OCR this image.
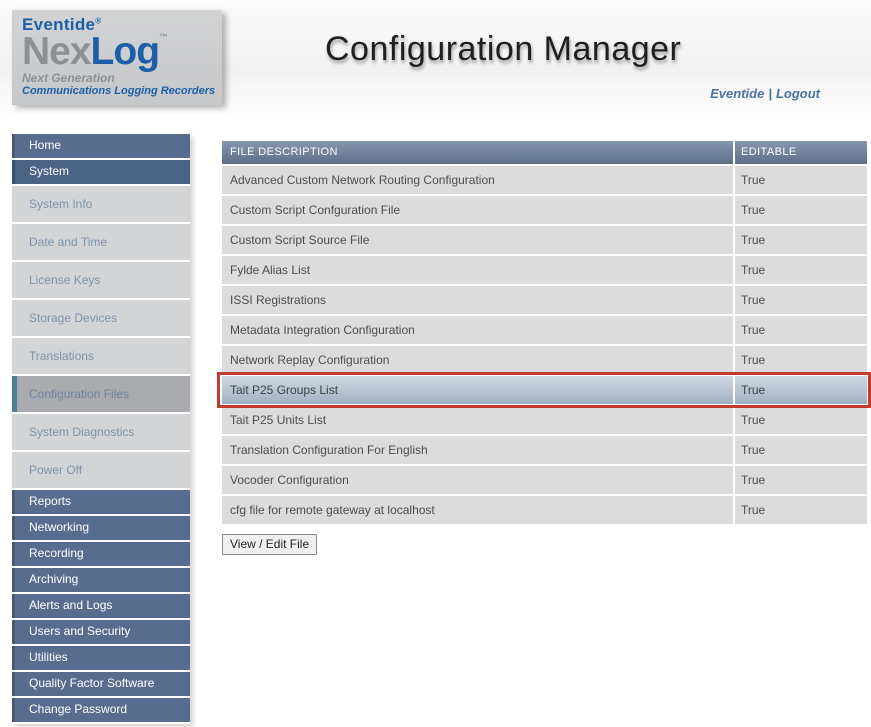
Eventide®
NexLog™
Next Generation
Communications Logging Recorders
Configuration Manager
Eventide | Logout
Home
System
System Info
Date and Time
License Keys
Storage Devices
Translations
Configuration Files
System Diagnostics
Power Off
Reports
Networking
Recording
Archiving
Alerts and Logs
Users and Security
Utilities
Quality Factor Software
Change Password
FILE DESCRIPTION	EDITABLE
Advanced Custom Network Routing Configuration	True
Custom Script Confguration File	True
Custom Script Source File	True
Fylde Alias List	True
ISSI Registrations	True
Metadata Integration Configuration	True
Network Replay Configuration	True
Tait P25 Groups List	True
Tait P25 Units List	True
Translation Configuration For English	True
Vocoder Configuration	True
cfg file for remote gateway at localhost	True
View / Edit File
